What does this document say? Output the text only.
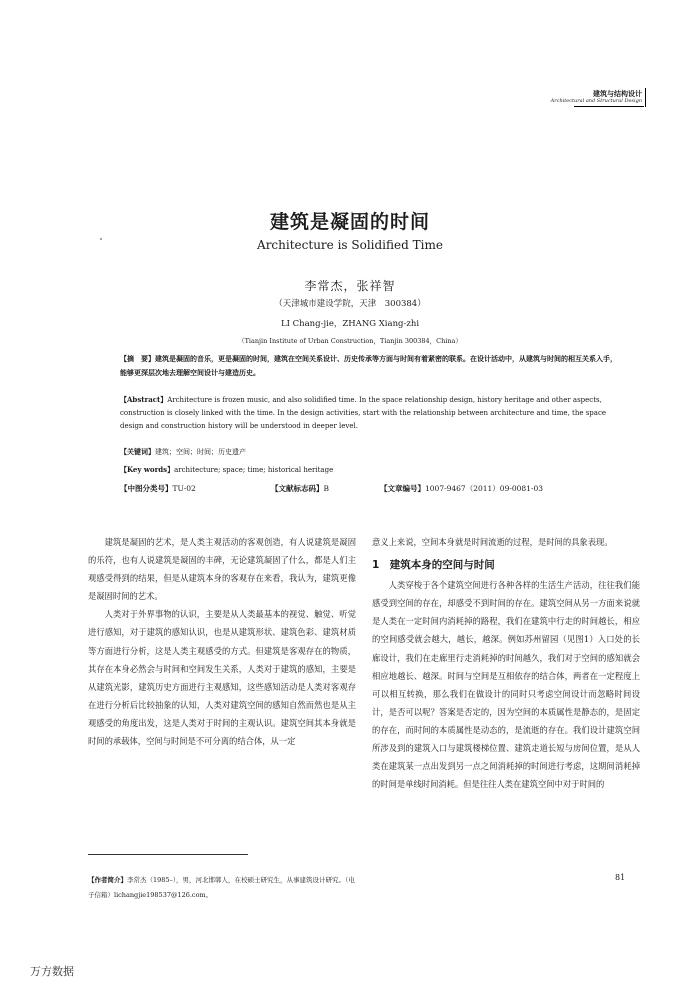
建筑与结构设计
Architectural and Structural Design
建筑是凝固的时间
Architecture is Solidified Time
李常杰，张祥智
（天津城市建设学院，天津　300384）
LI Chang-jie，ZHANG Xiang-zhi
（Tianjin Institute of Urban Construction，Tianjin 300384，China）
【摘　要】建筑是凝固的音乐，更是凝固的时间，建筑在空间关系设计、历史传承等方面与时间有着紧密的联系。在设计活动中，从建筑与时间的相互关系入手，能够更深层次地去理解空间设计与建造历史。
【Abstract】Architecture is frozen music, and also solidified time. In the space relationship design, history heritage and other aspects, construction is closely linked with the time. In the design activities, start with the relationship between architecture and time, the space design and construction history will be understood in deeper level.
【关键词】建筑；空间；时间；历史遗产
【Key words】architecture; space; time; historical heritage
【中图分类号】TU-02	【文献标志码】B	【文章编号】1007-9467（2011）09-0081-03

建筑是凝固的艺术，是人类主观活动的客观创造，有人说建筑是凝固的乐符，也有人说建筑是凝固的丰碑，无论建筑凝固了什么，都是人们主观感受得到的结果，但是从建筑本身的客观存在来看，我认为，建筑更像是凝固时间的艺术。

人类对于外界事物的认识，主要是从人类最基本的视觉、触觉、听觉进行感知，对于建筑的感知认识，也是从建筑形状、建筑色彩、建筑材质等方面进行分析，这是人类主观感受的方式。但建筑是客观存在的物质，其存在本身必然会与时间和空间发生关系，人类对于建筑的感知，主要是从建筑光影，建筑历史方面进行主观感知，这些感知活动是人类对客观存在进行分析后比较抽象的认知，人类对建筑空间的感知自然而然也是从主观感受的角度出发，这是人类对于时间的主观认识。建筑空间其本身就是时间的承载体，空间与时间是不可分离的结合体，从一定

意义上来说，空间本身就是时间流逝的过程，是时间的具象表现。

1　建筑本身的空间与时间

人类穿梭于各个建筑空间进行各种各样的生活生产活动，往往我们能感受到空间的存在，却感受不到时间的存在。建筑空间从另一方面来说就是人类在一定时间内消耗掉的路程，我们在建筑中行走的时间越长，相应的空间感受就会越大，越长，越深。例如苏州留园（见图1）入口处的长廊设计，我们在走廊里行走消耗掉的时间越久，我们对于空间的感知就会相应地越长、越深。时间与空间是互相依存的结合体，两者在一定程度上可以相互转换，那么我们在做设计的同时只考虑空间设计而忽略时间设计，是否可以呢？答案是否定的，因为空间的本质属性是静态的，是固定的存在，而时间的本质属性是动态的，是流逝的存在。我们设计建筑空间所涉及到的建筑入口与建筑楼梯位置、建筑走道长短与房间位置，是从人类在建筑某一点出发到另一点之间消耗掉的时间进行考虑，这期间消耗掉的时间是单线时间消耗。但是往往人类在建筑空间中对于时间的

【作者简介】李常杰（1985–），男，河北邯郸人，在校硕士研究生，从事建筑设计研究。（电子信箱）lichangjie198537@126.com。
81
万方数据
